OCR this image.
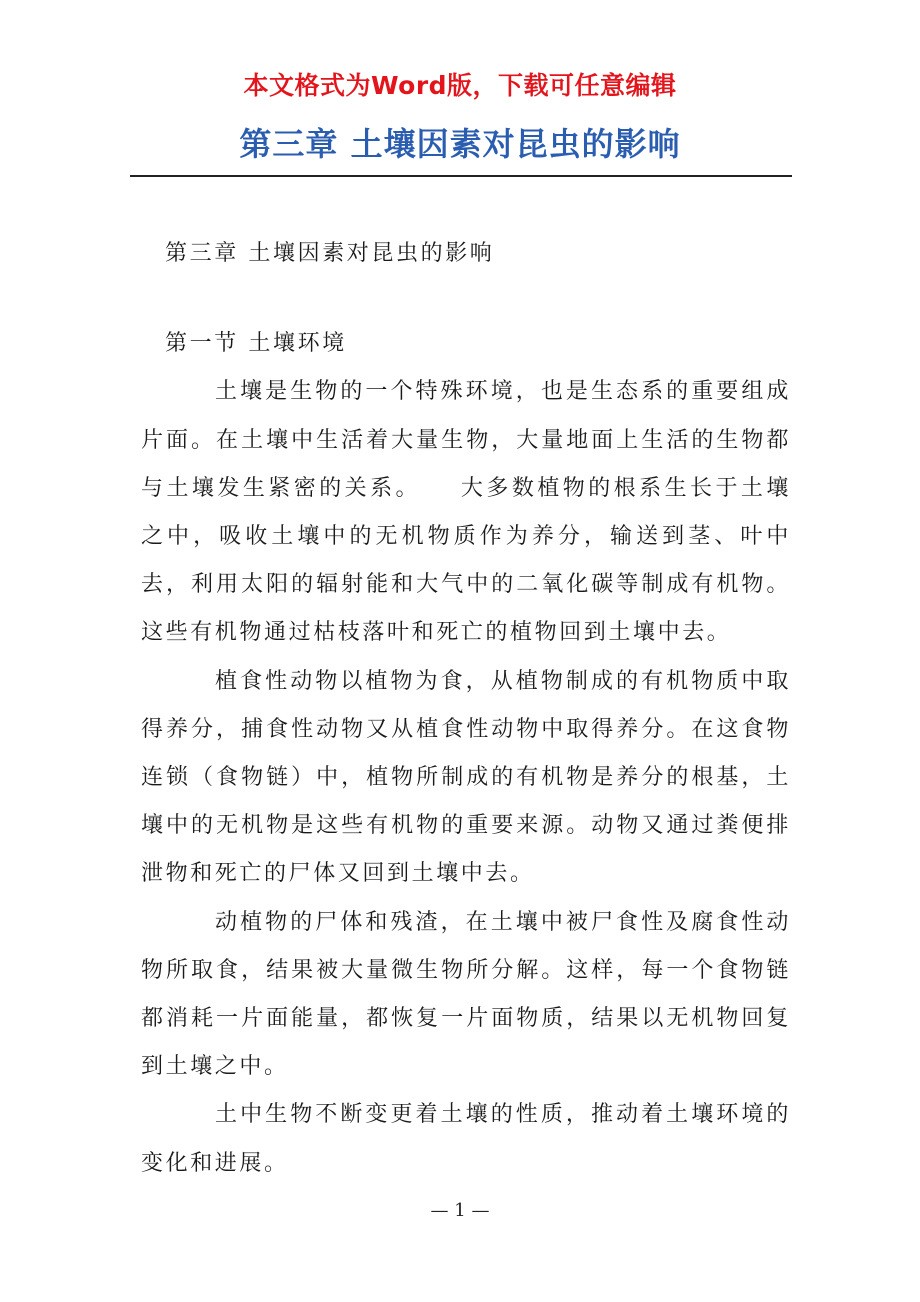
本文格式为Word版，下载可任意编辑
第三章 土壤因素对昆虫的影响

第三章 土壤因素对昆虫的影响

第一节 土壤环境

土壤是生物的一个特殊环境，也是生态系的重要组成片面。在土壤中生活着大量生物，大量地面上生活的生物都与土壤发生紧密的关系。　　大多数植物的根系生长于土壤之中，吸收土壤中的无机物质作为养分，输送到茎、叶中去，利用太阳的辐射能和大气中的二氧化碳等制成有机物。这些有机物通过枯枝落叶和死亡的植物回到土壤中去。

植食性动物以植物为食，从植物制成的有机物质中取得养分，捕食性动物又从植食性动物中取得养分。在这食物连锁（食物链）中，植物所制成的有机物是养分的根基，土壤中的无机物是这些有机物的重要来源。动物又通过粪便排泄物和死亡的尸体又回到土壤中去。

动植物的尸体和残渣，在土壤中被尸食性及腐食性动物所取食，结果被大量微生物所分解。这样，每一个食物链都消耗一片面能量，都恢复一片面物质，结果以无机物回复到土壤之中。

土中生物不断变更着土壤的性质，推动着土壤环境的变化和进展。

— 1 —
